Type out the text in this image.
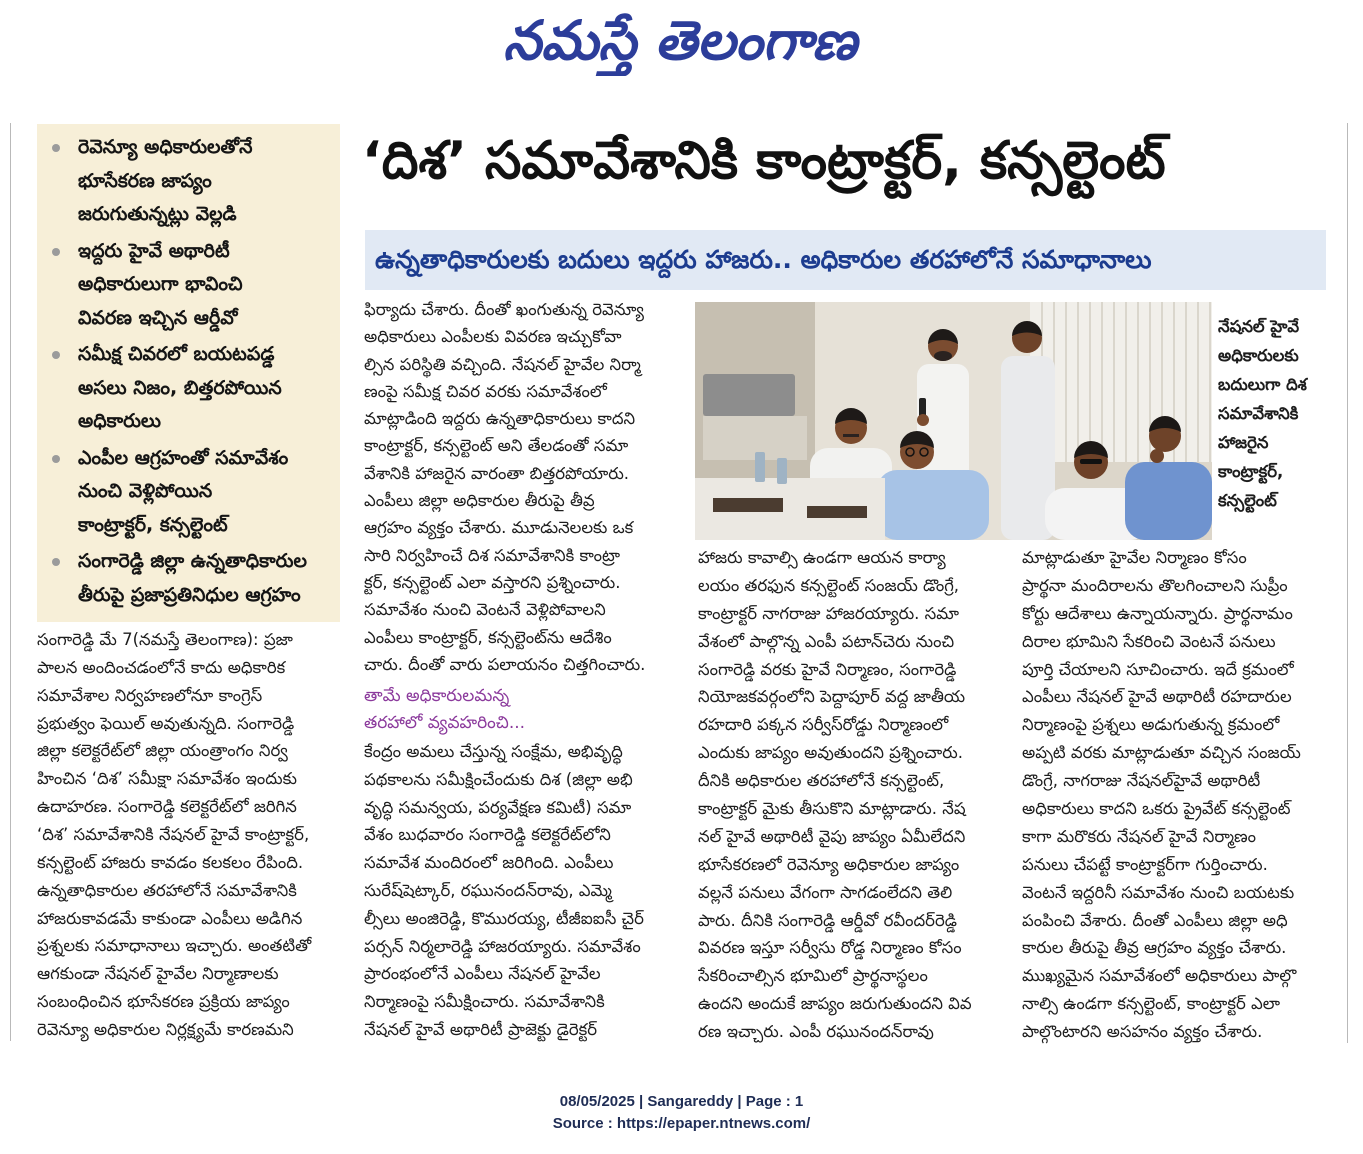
నమస్తే తెలంగాణ
రెవెన్యూ అధికారులతోనే
భూసేకరణ జాప్యం
జరుగుతున్నట్లు వెల్లడి
ఇద్దరు హైవే అథారిటీ
అధికారులుగా భావించి
వివరణ ఇచ్చిన ఆర్డీవో
సమీక్ష చివరలో బయటపడ్డ
అసలు నిజం, బిత్తరపోయిన
అధికారులు
ఎంపీల ఆగ్రహంతో సమావేశం
నుంచి వెళ్లిపోయిన
కాంట్రాక్టర్, కన్సల్టెంట్
సంగారెడ్డి జిల్లా ఉన్నతాధికారుల
తీరుపై ప్రజాప్రతినిధుల ఆగ్రహం
‘దిశ’ సమావేశానికి కాంట్రాక్టర్, కన్సల్టెంట్
ఉన్నతాధికారులకు బదులు ఇద్దరు హాజరు.. అధికారుల తరహాలోనే సమాధానాలు
సంగారెడ్డి మే 7(నమస్తే తెలంగాణ): ప్రజా
పాలన అందించడంలోనే కాదు అధికారిక
సమావేశాల నిర్వహణలోనూ కాంగ్రెస్
ప్రభుత్వం ఫెయిల్ అవుతున్నది. సంగారెడ్డి
జిల్లా కలెక్టరేట్‌లో జిల్లా యంత్రాంగం నిర్వ
హించిన ‘దిశ’ సమీక్షా సమావేశం ఇందుకు
ఉదాహరణ. సంగారెడ్డి కలెక్టరేట్‌లో జరిగిన
‘దిశ’ సమావేశానికి నేషనల్ హైవే కాంట్రాక్టర్,
కన్సల్టెంట్ హాజరు కావడం కలకలం రేపింది.
ఉన్నతాధికారుల తరహాలోనే సమావేశానికి
హాజరుకావడమే కాకుండా ఎంపీలు అడిగిన
ప్రశ్నలకు సమాధానాలు ఇచ్చారు. అంతటితో
ఆగకుండా నేషనల్ హైవేల నిర్మాణాలకు
సంబంధించిన భూసేకరణ ప్రక్రియ జాప్యం
రెవెన్యూ అధికారుల నిర్లక్ష్యమే కారణమని
ఫిర్యాదు చేశారు. దీంతో ఖంగుతున్న రెవెన్యూ
అధికారులు ఎంపీలకు వివరణ ఇచ్చుకోవా
ల్సిన పరిస్థితి వచ్చింది. నేషనల్ హైవేల నిర్మా
ణంపై సమీక్ష చివర వరకు సమావేశంలో
మాట్లాడింది ఇద్దరు ఉన్నతాధికారులు కాదని
కాంట్రాక్టర్, కన్సల్టెంట్ అని తేలడంతో సమా
వేశానికి హాజరైన వారంతా బిత్తరపోయారు.
ఎంపీలు జిల్లా అధికారుల తీరుపై తీవ్ర
ఆగ్రహం వ్యక్తం చేశారు. మూడునెలలకు ఒక
సారి నిర్వహించే దిశ సమావేశానికి కాంట్రా
క్టర్, కన్సల్టెంట్ ఎలా వస్తారని ప్రశ్నించారు.
సమావేశం నుంచి వెంటనే వెళ్లిపోవాలని
ఎంపీలు కాంట్రాక్టర్, కన్సల్టెంట్‌ను ఆదేశిం
చారు. దీంతో వారు పలాయనం చిత్తగించారు.
తామే అధికారులమన్న
తరహాలో వ్యవహరించి...
కేంద్రం అమలు చేస్తున్న సంక్షేమ, అభివృద్ధి
పథకాలను సమీక్షించేందుకు దిశ (జిల్లా అభి
వృద్ధి సమన్వయ, పర్యవేక్షణ కమిటీ) సమా
వేశం బుధవారం సంగారెడ్డి కలెక్టరేట్‌లోని
సమావేశ మందిరంలో జరిగింది. ఎంపీలు
సురేష్‌షెట్కార్, రఘునందన్‌రావు, ఎమ్మె
ల్సీలు అంజిరెడ్డి, కొమురయ్య, టీజీఐఐసీ చైర్
పర్సన్ నిర్మలారెడ్డి హాజరయ్యారు. సమావేశం
ప్రారంభంలోనే ఎంపీలు నేషనల్ హైవేల
నిర్మాణంపై సమీక్షించారు. సమావేశానికి
నేషనల్ హైవే అథారిటీ ప్రాజెక్టు డైరెక్టర్
హాజరు కావాల్సి ఉండగా ఆయన కార్యా
లయం తరఫున కన్సల్టెంట్ సంజయ్ డొంగ్రే,
కాంట్రాక్టర్ నాగరాజు హాజరయ్యారు. సమా
వేశంలో పాల్గొన్న ఎంపీ పటాన్‌చెరు నుంచి
సంగారెడ్డి వరకు హైవే నిర్మాణం, సంగారెడ్డి
నియోజకవర్గంలోని పెద్దాపూర్ వద్ద జాతీయ
రహదారి పక్కన సర్వీస్‌రోడ్డు నిర్మాణంలో
ఎందుకు జాప్యం అవుతుందని ప్రశ్నించారు.
దీనికి అధికారుల తరహాలోనే కన్సల్టెంట్,
కాంట్రాక్టర్ మైకు తీసుకొని మాట్లాడారు. నేష
నల్ హైవే అథారిటీ వైపు జాప్యం ఏమీలేదని
భూసేకరణలో రెవెన్యూ అధికారుల జాప్యం
వల్లనే పనులు వేగంగా సాగడంలేదని తెలి
పారు. దీనికి సంగారెడ్డి ఆర్డీవో రవీందర్‌రెడ్డి
వివరణ ఇస్తూ సర్వీసు రోడ్డ నిర్మాణం కోసం
సేకరించాల్సిన భూమిలో ప్రార్థనాస్థలం
ఉందని అందుకే జాప్యం జరుగుతుందని వివ
రణ ఇచ్చారు. ఎంపీ రఘునందన్‌రావు
మాట్లాడుతూ హైవేల నిర్మాణం కోసం
ప్రార్థనా మందిరాలను తొలగించాలని సుప్రీం
కోర్టు ఆదేశాలు ఉన్నాయన్నారు. ప్రార్థనామం
దిరాల భూమిని సేకరించి వెంటనే పనులు
పూర్తి చేయాలని సూచించారు. ఇదే క్రమంలో
ఎంపీలు నేషనల్ హైవే అథారిటీ రహదారుల
నిర్మాణంపై ప్రశ్నలు అడుగుతున్న క్రమంలో
అప్పటి వరకు మాట్లాడుతూ వచ్చిన సంజయ్
డొంగ్రే, నాగరాజు నేషనల్‌హైవే అథారిటీ
అధికారులు కాదని ఒకరు ప్రైవేట్ కన్సల్టెంట్
కాగా మరొకరు నేషనల్ హైవే నిర్మాణం
పనులు చేపట్టే కాంట్రాక్టర్‌గా గుర్తించారు.
వెంటనే ఇద్దరినీ సమావేశం నుంచి బయటకు
పంపించి వేశారు. దీంతో ఎంపీలు జిల్లా అధి
కారుల తీరుపై తీవ్ర ఆగ్రహం వ్యక్తం చేశారు.
ముఖ్యమైన సమావేశంలో అధికారులు పాల్గొ
నాల్సి ఉండగా కన్సల్టెంట్, కాంట్రాక్టర్ ఎలా
పాల్గొంటారని అసహనం వ్యక్తం చేశారు.
నేషనల్ హైవే
అధికారులకు
బదులుగా దిశ
సమావేశానికి
హాజరైన
కాంట్రాక్టర్,
కన్సల్టెంట్
08/05/2025 | Sangareddy | Page : 1
Source : https://epaper.ntnews.com/
